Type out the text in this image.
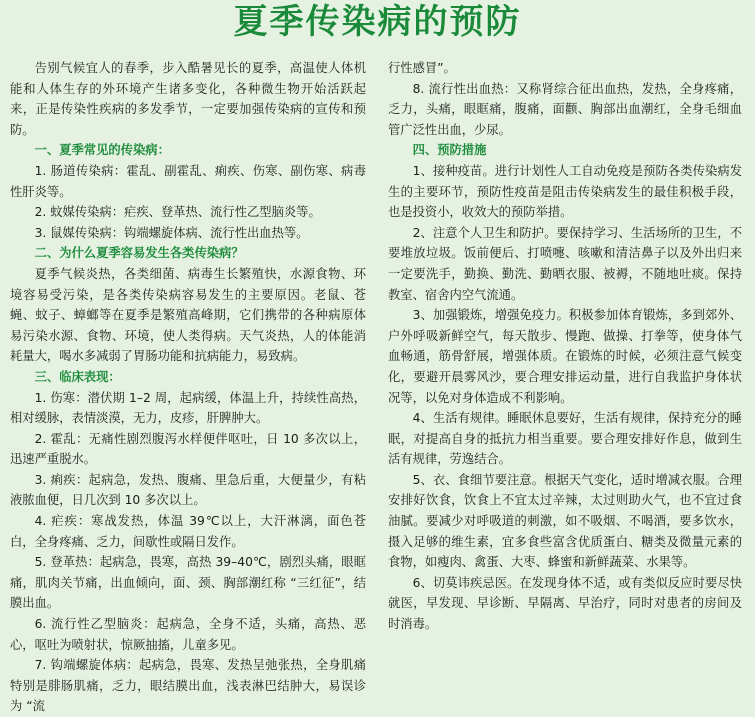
夏季传染病的预防

告别气候宜人的春季，步入酷暑见长的夏季，高温使人体机能和人体生存的外环境产生诸多变化，各种微生物开始活跃起来，正是传染性疾病的多发季节，一定要加强传染病的宣传和预防。

一、夏季常见的传染病：

1. 肠道传染病：霍乱、副霍乱、痢疾、伤寒、副伤寒、病毒性肝炎等。

2. 蚊媒传染病：疟疾、登革热、流行性乙型脑炎等。

3. 鼠媒传染病：钩端螺旋体病、流行性出血热等。

二、为什么夏季容易发生各类传染病？

夏季气候炎热，各类细菌、病毒生长繁殖快，水源食物、环境容易受污染，是各类传染病容易发生的主要原因。老鼠、苍蝇、蚊子、蟑螂等在夏季是繁殖高峰期，它们携带的各种病原体易污染水源、食物、环境，使人类得病。天气炎热，人的体能消耗量大，喝水多减弱了胃肠功能和抗病能力，易致病。

三、临床表现：

1. 伤寒：潜伏期 1–2 周，起病缓，体温上升，持续性高热，相对缓脉，表情淡漠，无力，皮疹，肝脾肿大。

2. 霍乱：无痛性剧烈腹泻水样便伴呕吐，日 10 多次以上，迅速严重脱水。

3. 痢疾：起病急，发热、腹痛、里急后重，大便量少，有粘液脓血便，日几次到 10 多次以上。

4. 疟疾：寒战发热，体温 39℃以上，大汗淋漓，面色苍白，全身疼痛、乏力，间歇性或隔日发作。

5. 登革热：起病急，畏寒，高热 39–40℃，剧烈头痛，眼眶痛，肌肉关节痛，出血倾向，面、颈、胸部潮红称 “三红征”，结膜出血。

6. 流行性乙型脑炎：起病急，全身不适，头痛，高热、恶心，呕吐为喷射状，惊厥抽搐，儿童多见。

7. 钩端螺旋体病：起病急，畏寒、发热呈弛张热，全身肌痛特别是腓肠肌痛，乏力，眼结膜出血，浅表淋巴结肿大，易误诊为 “流

行性感冒”。

8. 流行性出血热：又称肾综合征出血热，发热，全身疼痛，乏力，头痛，眼眶痛，腹痛，面颧、胸部出血潮红，全身毛细血管广泛性出血，少尿。

四、预防措施

1、接种疫苗。进行计划性人工自动免疫是预防各类传染病发生的主要环节，预防性疫苗是阻击传染病发生的最佳积极手段，也是投资小，收效大的预防举措。

2、注意个人卫生和防护。要保持学习、生活场所的卫生，不要堆放垃圾。饭前便后、打喷嚏、咳嗽和清洁鼻子以及外出归来一定要洗手，勤换、勤洗、勤晒衣服、被褥，不随地吐痰。保持教室、宿舍内空气流通。

3、加强锻炼，增强免疫力。积极参加体育锻炼，多到郊外、户外呼吸新鲜空气，每天散步、慢跑、做操、打拳等，使身体气血畅通，筋骨舒展，增强体质。在锻炼的时候，必须注意气候变化，要避开晨雾风沙，要合理安排运动量，进行自我监护身体状况等，以免对身体造成不利影响。

4、生活有规律。睡眠休息要好，生活有规律，保持充分的睡眠，对提高自身的抵抗力相当重要。要合理安排好作息，做到生活有规律，劳逸结合。

5、衣、食细节要注意。根据天气变化，适时增减衣服。合理安排好饮食，饮食上不宜太过辛辣，太过则助火气，也不宜过食油腻。要减少对呼吸道的刺激，如不吸烟、不喝酒，要多饮水，摄入足够的维生素，宜多食些富含优质蛋白、糖类及微量元素的食物，如瘦肉、禽蛋、大枣、蜂蜜和新鲜蔬菜、水果等。

6、切莫讳疾忌医。在发现身体不适，或有类似反应时要尽快就医，早发现、早诊断、早隔离、早治疗，同时对患者的房间及时消毒。
